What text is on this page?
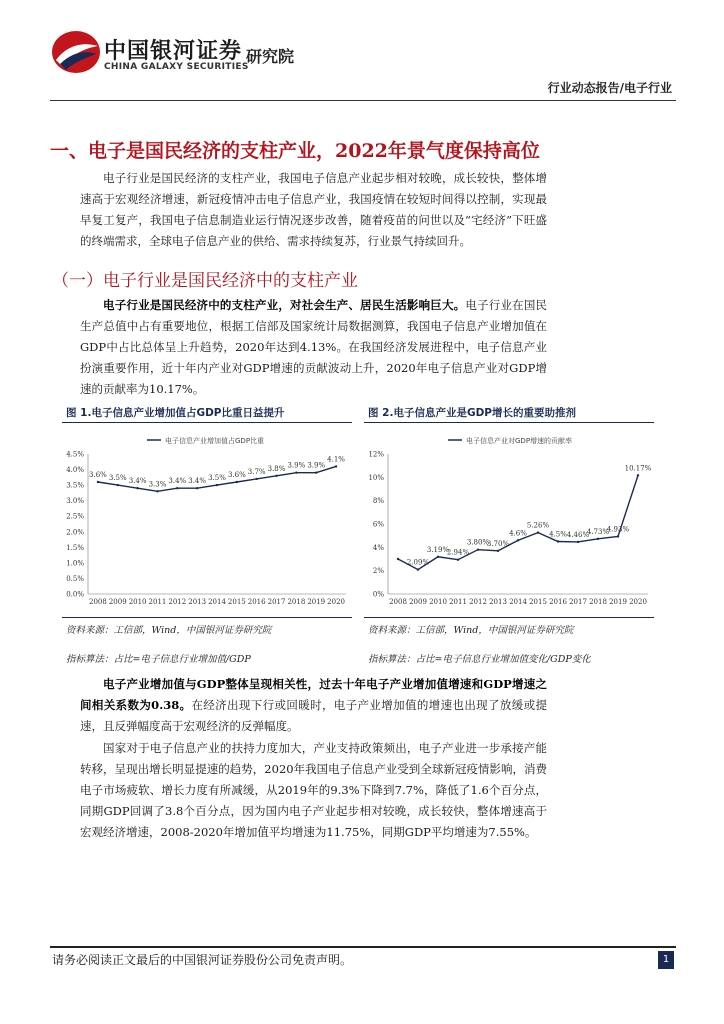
中国银河证券
CHINA GALAXY SECURITIES
研究院
行业动态报告/电子行业
一、电子是国民经济的支柱产业，2022年景气度保持高位
电子行业是国民经济的支柱产业，我国电子信息产业起步相对较晚，成长较快，整体增速高于宏观经济增速，新冠疫情冲击电子信息产业，我国疫情在较短时间得以控制，实现最早复工复产，我国电子信息制造业运行情况逐步改善，随着疫苗的问世以及“宅经济”下旺盛的终端需求，全球电子信息产业的供给、需求持续复苏，行业景气持续回升。
（一）电子行业是国民经济中的支柱产业
电子行业是国民经济中的支柱产业，对社会生产、居民生活影响巨大。电子行业在国民生产总值中占有重要地位，根据工信部及国家统计局数据测算，我国电子信息产业增加值在GDP中占比总体呈上升趋势，2020年达到4.13%。在我国经济发展进程中，电子信息产业扮演重要作用，近十年内产业对GDP增速的贡献波动上升，2020年电子信息产业对GDP增速的贡献率为10.17%。
图 1.电子信息产业增加值占GDP比重日益提升
电子信息产业增加值占GDP比重
0.0%
0.5%
1.0%
1.5%
2.0%
2.5%
3.0%
3.5%
4.0%
4.5%
2008 2009 2010 2011 2012 2013 2014 2015 2016 2017 2018 2019 2020
3.6% 3.5% 3.4% 3.3% 3.4% 3.4% 3.5% 3.6% 3.7% 3.8% 3.9% 3.9%
4.1%
资料来源：工信部，Wind，中国银河证券研究院
指标算法：占比=电子信息行业增加值/GDP
图 2.电子信息产业是GDP增长的重要助推剂
电子信息产业对GDP增速的贡献率
0%
2%
4%
6%
8%
10%
12%
2008 2009 2010 2011 2012 2013 2014 2015 2016 2017 2018 2019 2020
2.09%
3.19%
2.94%
3.80%
3.70%
4.6%
5.26%
4.5% 4.46%
4.73%
4.93%
10.17%
资料来源：工信部，Wind，中国银河证券研究院
指标算法：占比=电子信息行业增加值变化/GDP变化
电子产业增加值与GDP整体呈现相关性，过去十年电子产业增加值增速和GDP增速之间相关系数为0.38。在经济出现下行或回暖时，电子产业增加值的增速也出现了放缓或提速，且反弹幅度高于宏观经济的反弹幅度。
国家对于电子信息产业的扶持力度加大，产业支持政策频出，电子产业进一步承接产能转移，呈现出增长明显提速的趋势，2020年我国电子信息产业受到全球新冠疫情影响，消费电子市场疲软、增长力度有所减缓，从2019年的9.3%下降到7.7%，降低了1.6个百分点，同期GDP回调了3.8个百分点，因为国内电子产业起步相对较晚，成长较快，整体增速高于宏观经济增速，2008-2020年增加值平均增速为11.75%，同期GDP平均增速为7.55%。
请务必阅读正文最后的中国银河证券股份公司免责声明。	1
